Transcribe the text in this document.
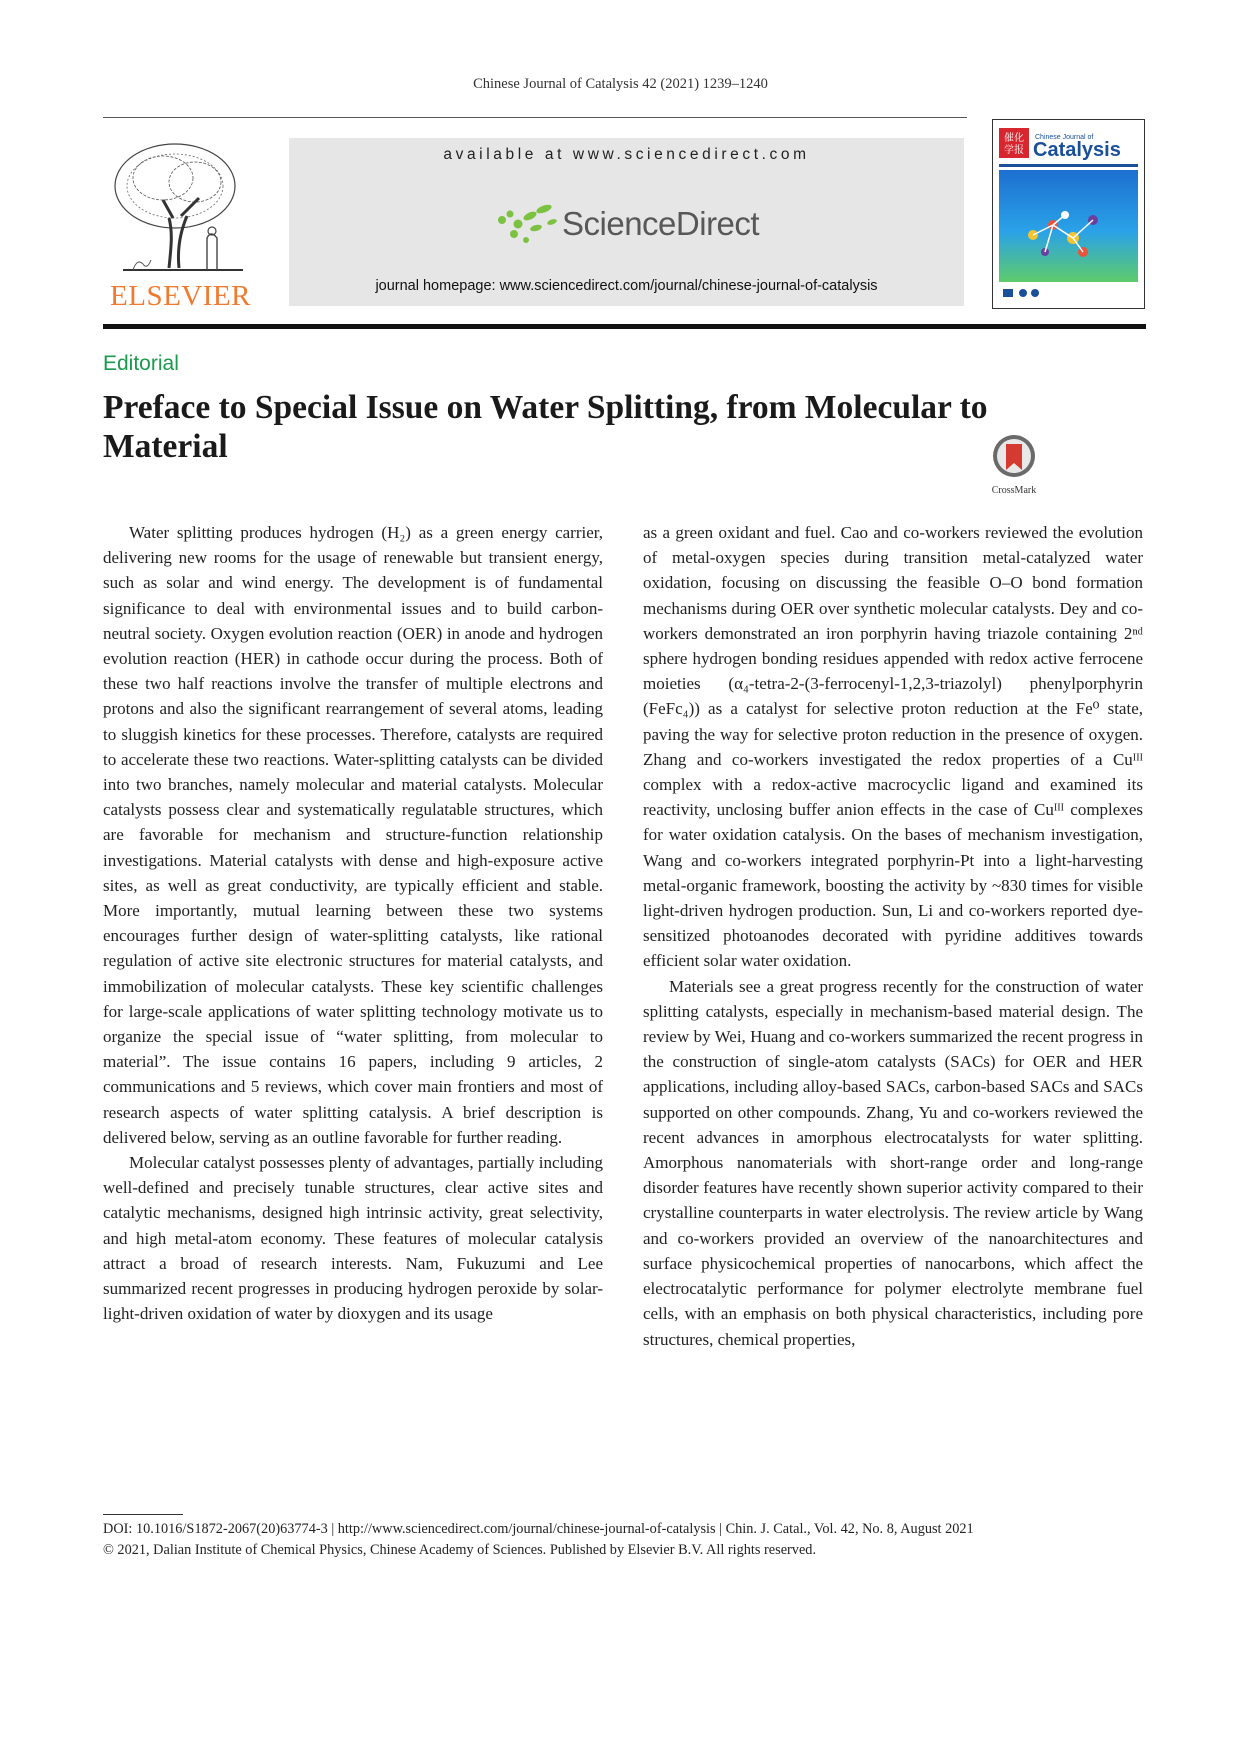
Chinese Journal of Catalysis 42 (2021) 1239–1240
ELSEVIER
available at www.sciencedirect.com
ScienceDirect
journal homepage: www.sciencedirect.com/journal/chinese-journal-of-catalysis
催化
学报
Chinese Journal of
Catalysis
Editorial
Preface to Special Issue on Water Splitting, from Molecular to Material
CrossMark

Water splitting produces hydrogen (H₂) as a green energy carrier, delivering new rooms for the usage of renewable but transient energy, such as solar and wind energy. The development is of fundamental significance to deal with environmental issues and to build carbon-neutral society. Oxygen evolution reaction (OER) in anode and hydrogen evolution reaction (HER) in cathode occur during the process. Both of these two half reactions involve the transfer of multiple electrons and protons and also the significant rearrangement of several atoms, leading to sluggish kinetics for these processes. Therefore, catalysts are required to accelerate these two reactions. Water-splitting catalysts can be divided into two branches, namely molecular and material catalysts. Molecular catalysts possess clear and systematically regulatable structures, which are favorable for mechanism and structure-function relationship investigations. Material catalysts with dense and high-exposure active sites, as well as great conductivity, are typically efficient and stable. More importantly, mutual learning between these two systems encourages further design of water-splitting catalysts, like rational regulation of active site electronic structures for material catalysts, and immobilization of molecular catalysts. These key scientific challenges for large-scale applications of water splitting technology motivate us to organize the special issue of “water splitting, from molecular to material”. The issue contains 16 papers, including 9 articles, 2 communications and 5 reviews, which cover main frontiers and most of research aspects of water splitting catalysis. A brief description is delivered below, serving as an outline favorable for further reading.

Molecular catalyst possesses plenty of advantages, partially including well-defined and precisely tunable structures, clear active sites and catalytic mechanisms, designed high intrinsic activity, great selectivity, and high metal-atom economy. These features of molecular catalysis attract a broad of research interests. Nam, Fukuzumi and Lee summarized recent progresses in producing hydrogen peroxide by solar-light-driven oxidation of water by dioxygen and its usage

as a green oxidant and fuel. Cao and co-workers reviewed the evolution of metal-oxygen species during transition metal-catalyzed water oxidation, focusing on discussing the feasible O–O bond formation mechanisms during OER over synthetic molecular catalysts. Dey and co-workers demonstrated an iron porphyrin having triazole containing 2ⁿᵈ sphere hydrogen bonding residues appended with redox active ferrocene moieties (α₄-tetra-2-(3-ferrocenyl-1,2,3-triazolyl) phenylporphyrin (FeFc₄)) as a catalyst for selective proton reduction at the Fe⁰ state, paving the way for selective proton reduction in the presence of oxygen. Zhang and co-workers investigated the redox properties of a Cuᴵᴵᴵ complex with a redox-active macrocyclic ligand and examined its reactivity, unclosing buffer anion effects in the case of Cuᴵᴵᴵ complexes for water oxidation catalysis. On the bases of mechanism investigation, Wang and co-workers integrated porphyrin-Pt into a light-harvesting metal-organic framework, boosting the activity by ~830 times for visible light-driven hydrogen production. Sun, Li and co-workers reported dye-sensitized photoanodes decorated with pyridine additives towards efficient solar water oxidation.

Materials see a great progress recently for the construction of water splitting catalysts, especially in mechanism-based material design. The review by Wei, Huang and co-workers summarized the recent progress in the construction of single-atom catalysts (SACs) for OER and HER applications, including alloy-based SACs, carbon-based SACs and SACs supported on other compounds. Zhang, Yu and co-workers reviewed the recent advances in amorphous electrocatalysts for water splitting. Amorphous nanomaterials with short-range order and long-range disorder features have recently shown superior activity compared to their crystalline counterparts in water electrolysis. The review article by Wang and co-workers provided an overview of the nanoarchitectures and surface physicochemical properties of nanocarbons, which affect the electrocatalytic performance for polymer electrolyte membrane fuel cells, with an emphasis on both physical characteristics, including pore structures, chemical properties,

DOI: 10.1016/S1872-2067(20)63774-3 | http://www.sciencedirect.com/journal/chinese-journal-of-catalysis | Chin. J. Catal., Vol. 42, No. 8, August 2021
© 2021, Dalian Institute of Chemical Physics, Chinese Academy of Sciences. Published by Elsevier B.V. All rights reserved.
